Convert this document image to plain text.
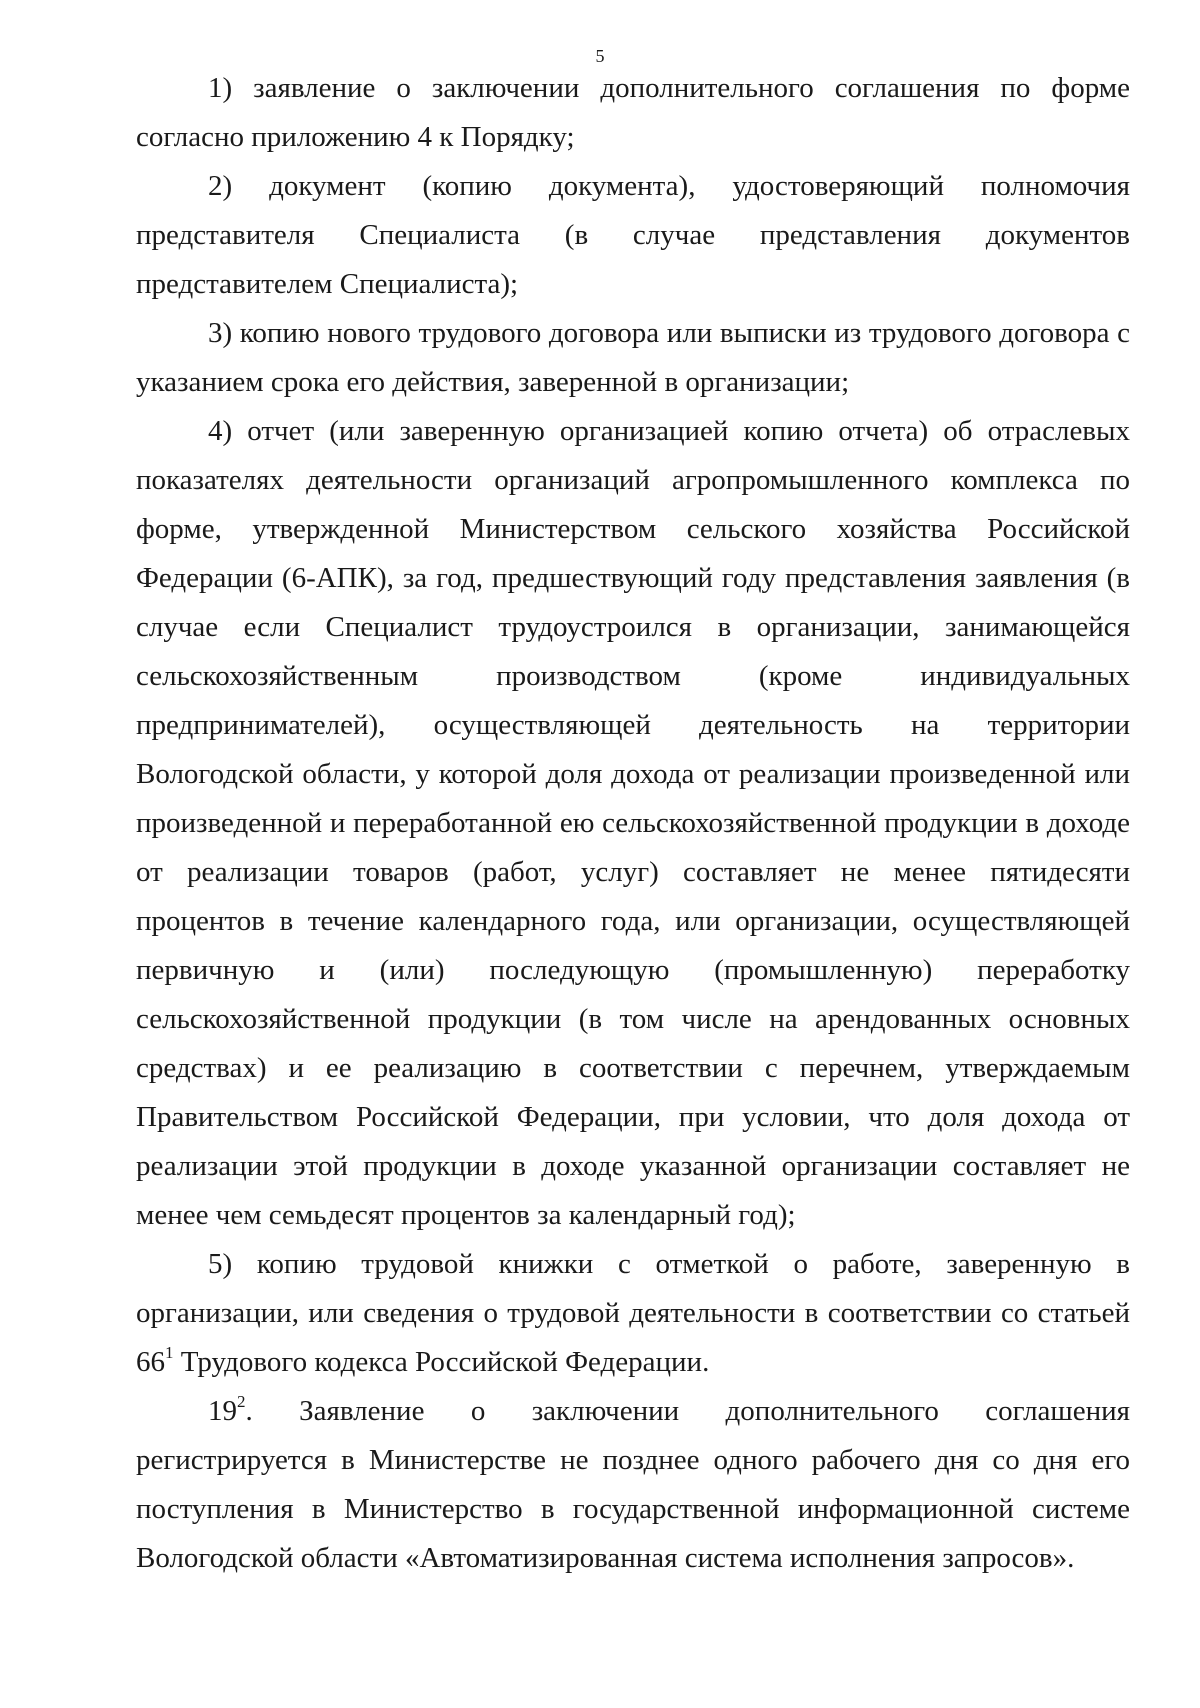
5

1) заявление о заключении дополнительного соглашения по форме согласно приложению 4 к Порядку;

2) документ (копию документа), удостоверяющий полномочия представителя Специалиста (в случае представления документов представителем Специалиста);

3) копию нового трудового договора или выписки из трудового договора с указанием срока его действия, заверенной в организации;

4) отчет (или заверенную организацией копию отчета) об отраслевых показателях деятельности организаций агропромышленного комплекса по форме, утвержденной Министерством сельского хозяйства Российской Федерации (6-АПК), за год, предшествующий году представления заявления (в случае если Специалист трудоустроился в организации, занимающейся сельскохозяйственным производством (кроме индивидуальных предпринимателей), осуществляющей деятельность на территории Вологодской области, у которой доля дохода от реализации произведенной или произведенной и переработанной ею сельскохозяйственной продукции в доходе от реализации товаров (работ, услуг) составляет не менее пятидесяти процентов в течение календарного года, или организации, осуществляющей первичную и (или) последующую (промышленную) переработку сельскохозяйственной продукции (в том числе на арендованных основных средствах) и ее реализацию в соответствии с перечнем, утверждаемым Правительством Российской Федерации, при условии, что доля дохода от реализации этой продукции в доходе указанной организации составляет не менее чем семьдесят процентов за календарный год);

5) копию трудовой книжки с отметкой о работе, заверенную в организации, или сведения о трудовой деятельности в соответствии со статьей $66^1$ Трудового кодекса Российской Федерации.

$19^2$. Заявление о заключении дополнительного соглашения регистрируется в Министерстве не позднее одного рабочего дня со дня его поступления в Министерство в государственной информационной системе Вологодской области «Автоматизированная система исполнения запросов».
